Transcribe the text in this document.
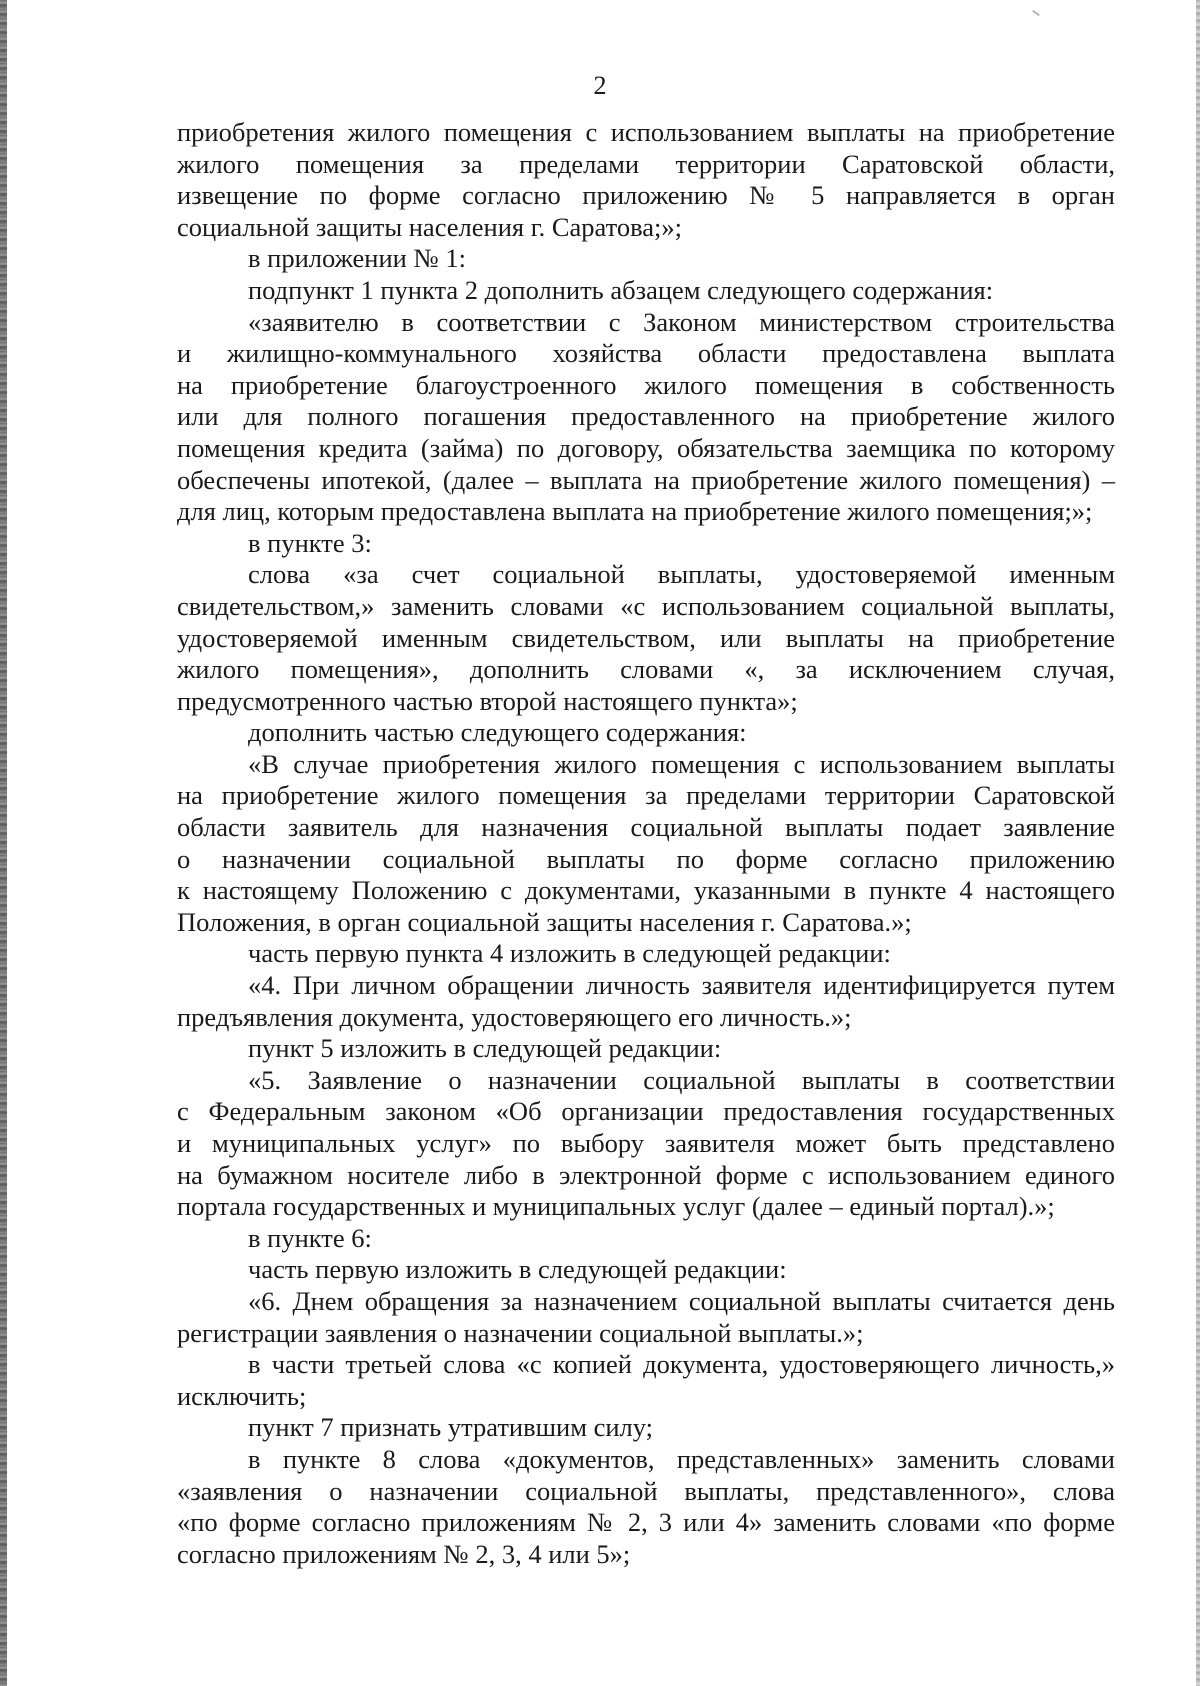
2
приобретения жилого помещения с использованием выплаты на приобретение
жилого помещения за пределами территории Саратовской области,
извещение по форме согласно приложению № 5 направляется в орган
социальной защиты населения г. Саратова;»;
в приложении № 1:
подпункт 1 пункта 2 дополнить абзацем следующего содержания:
«заявителю в соответствии с Законом министерством строительства
и жилищно-коммунального хозяйства области предоставлена выплата
на приобретение благоустроенного жилого помещения в собственность
или для полного погашения предоставленного на приобретение жилого
помещения кредита (займа) по договору, обязательства заемщика по которому
обеспечены ипотекой, (далее – выплата на приобретение жилого помещения) –
для лиц, которым предоставлена выплата на приобретение жилого помещения;»;
в пункте 3:
слова «за счет социальной выплаты, удостоверяемой именным
свидетельством,» заменить словами «с использованием социальной выплаты,
удостоверяемой именным свидетельством, или выплаты на приобретение
жилого помещения», дополнить словами «, за исключением случая,
предусмотренного частью второй настоящего пункта»;
дополнить частью следующего содержания:
«В случае приобретения жилого помещения с использованием выплаты
на приобретение жилого помещения за пределами территории Саратовской
области заявитель для назначения социальной выплаты подает заявление
о назначении социальной выплаты по форме согласно приложению
к настоящему Положению с документами, указанными в пункте 4 настоящего
Положения, в орган социальной защиты населения г. Саратова.»;
часть первую пункта 4 изложить в следующей редакции:
«4. При личном обращении личность заявителя идентифицируется путем
предъявления документа, удостоверяющего его личность.»;
пункт 5 изложить в следующей редакции:
«5. Заявление о назначении социальной выплаты в соответствии
с Федеральным законом «Об организации предоставления государственных
и муниципальных услуг» по выбору заявителя может быть представлено
на бумажном носителе либо в электронной форме с использованием единого
портала государственных и муниципальных услуг (далее – единый портал).»;
в пункте 6:
часть первую изложить в следующей редакции:
«6. Днем обращения за назначением социальной выплаты считается день
регистрации заявления о назначении социальной выплаты.»;
в части третьей слова «с копией документа, удостоверяющего личность,»
исключить;
пункт 7 признать утратившим силу;
в пункте 8 слова «документов, представленных» заменить словами
«заявления о назначении социальной выплаты, представленного», слова
«по форме согласно приложениям № 2, 3 или 4» заменить словами «по форме
согласно приложениям № 2, 3, 4 или 5»;
